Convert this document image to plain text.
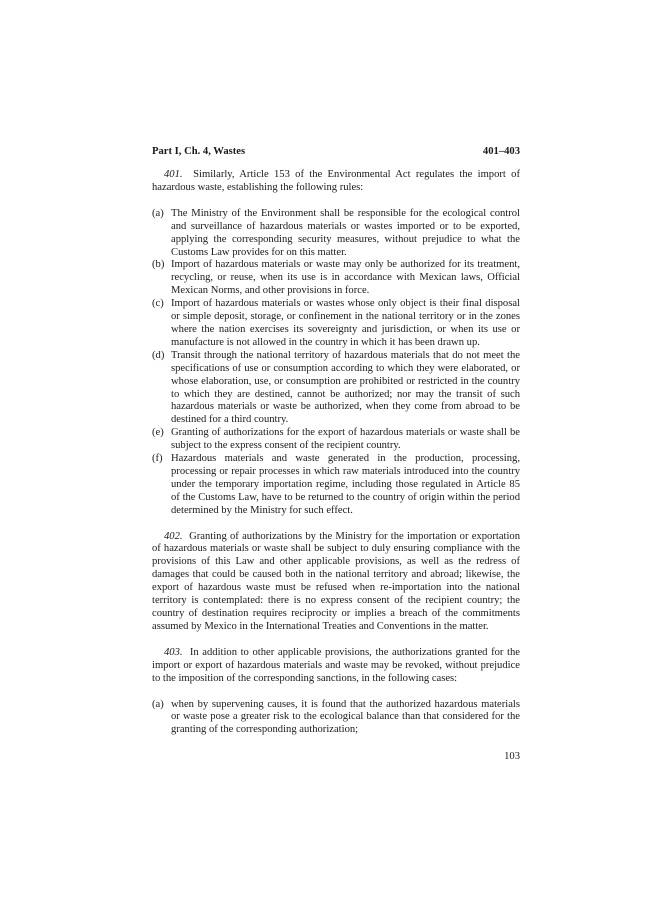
Part I, Ch. 4, Wastes	401–403

401. Similarly, Article 153 of the Environmental Act regulates the import of hazardous waste, establishing the following rules:

(a) The Ministry of the Environment shall be responsible for the ecological control and surveillance of hazardous materials or wastes imported or to be exported, applying the corresponding security measures, without prejudice to what the Customs Law provides for on this matter.
(b) Import of hazardous materials or waste may only be authorized for its treatment, recycling, or reuse, when its use is in accordance with Mexican laws, Official Mexican Norms, and other provisions in force.
(c) Import of hazardous materials or wastes whose only object is their final disposal or simple deposit, storage, or confinement in the national territory or in the zones where the nation exercises its sovereignty and jurisdiction, or when its use or manufacture is not allowed in the country in which it has been drawn up.
(d) Transit through the national territory of hazardous materials that do not meet the specifications of use or consumption according to which they were elaborated, or whose elaboration, use, or consumption are prohibited or restricted in the country to which they are destined, cannot be authorized; nor may the transit of such hazardous materials or waste be authorized, when they come from abroad to be destined for a third country.
(e) Granting of authorizations for the export of hazardous materials or waste shall be subject to the express consent of the recipient country.
(f) Hazardous materials and waste generated in the production, processing, processing or repair processes in which raw materials introduced into the country under the temporary importation regime, including those regulated in Article 85 of the Customs Law, have to be returned to the country of origin within the period determined by the Ministry for such effect.

402. Granting of authorizations by the Ministry for the importation or exportation of hazardous materials or waste shall be subject to duly ensuring compliance with the provisions of this Law and other applicable provisions, as well as the redress of damages that could be caused both in the national territory and abroad; likewise, the export of hazardous waste must be refused when re-importation into the national territory is contemplated: there is no express consent of the recipient country; the country of destination requires reciprocity or implies a breach of the commitments assumed by Mexico in the International Treaties and Conventions in the matter.

403. In addition to other applicable provisions, the authorizations granted for the import or export of hazardous materials and waste may be revoked, without prejudice to the imposition of the corresponding sanctions, in the following cases:

(a) when by supervening causes, it is found that the authorized hazardous materials or waste pose a greater risk to the ecological balance than that considered for the granting of the corresponding authorization;
103
